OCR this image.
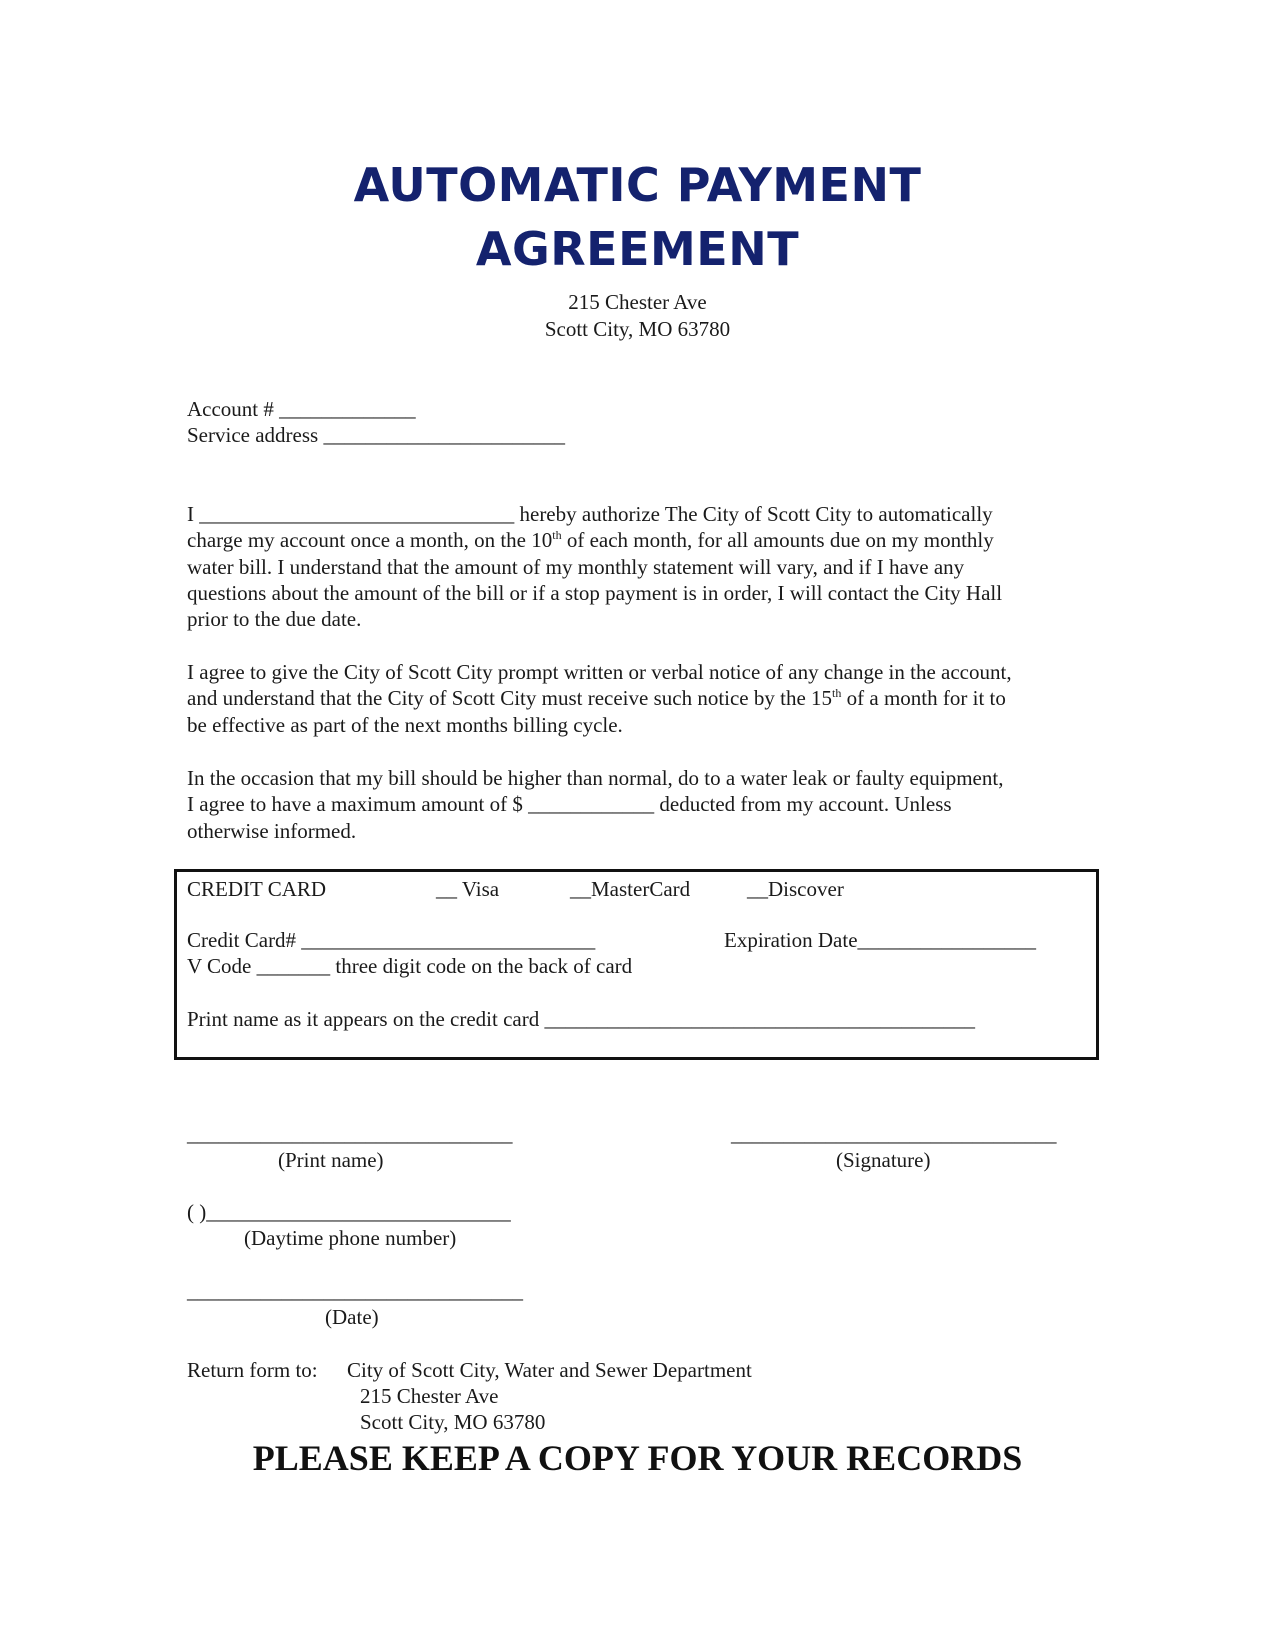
AUTOMATIC PAYMENT
AGREEMENT
215 Chester Ave
Scott City, MO 63780
Account # _____________
Service address _______________________

I ______________________________ hereby authorize The City of Scott City to automatically

charge my account once a month, on the 10th of each month, for all amounts due on my monthly

water bill. I understand that the amount of my monthly statement will vary, and if I have any

questions about the amount of the bill or if a stop payment is in order, I will contact the City Hall

prior to the due date.

I agree to give the City of Scott City prompt written or verbal notice of any change in the account,

and understand that the City of Scott City must receive such notice by the 15th of a month for it to

be effective as part of the next months billing cycle.

In the occasion that my bill should be higher than normal, do to a water leak or faulty equipment,

I agree to have a maximum amount of $ ____________ deducted from my account. Unless

otherwise informed.

CREDIT CARD	__ Visa	__MasterCard	__Discover
Credit Card# ____________________________	Expiration Date_________________
V Code _______ three digit code on the back of card
Print name as it appears on the credit card _________________________________________
_______________________________
(Print name)
_______________________________
(Signature)
( )_____________________________
(Daytime phone number)
________________________________
(Date)
Return form to: City of Scott City, Water and Sewer Department
215 Chester Ave
Scott City, MO 63780
PLEASE KEEP A COPY FOR YOUR RECORDS
